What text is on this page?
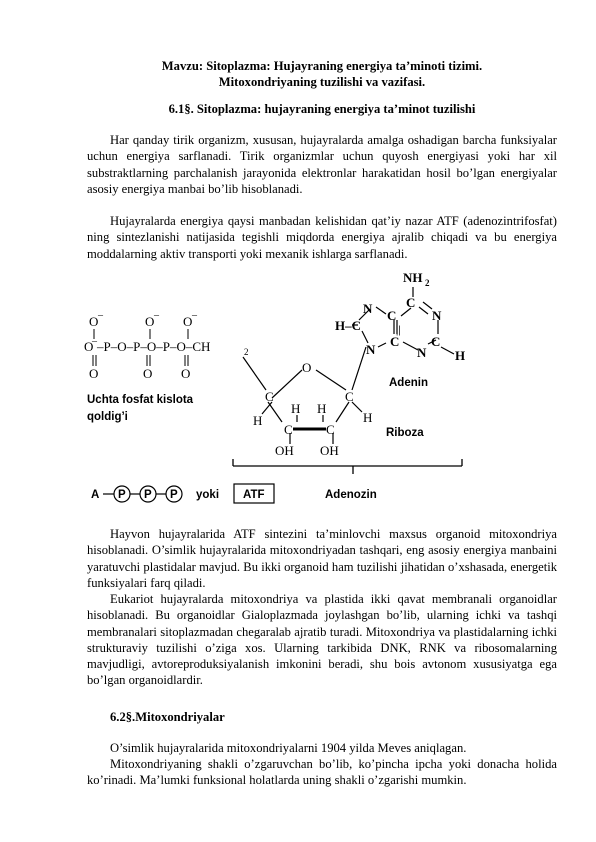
Mavzu: Sitoplazma: Hujayraning energiya ta’minoti tizimi.

Mitoxondriyaning tuzilishi va vazifasi.

6.1§. Sitoplazma: hujayraning energiya ta’minot tuzilishi

Har qanday tirik organizm, xususan, hujayralarda amalga oshadigan barcha funksiyalar uchun energiya sarflanadi. Tirik organizmlar uchun quyosh energiyasi yoki har xil substraktlarning parchalanish jarayonida elektronlar harakatidan hosil bo’lgan energiyalar asosiy energiya manbai bo’lib hisoblanadi.

Hujayralarda energiya qaysi manbadan kelishidan qat’iy nazar ATF (adenozintrifosfat) ning sintezlanishi natijasida tegishli miqdorda energiya ajralib chiqadi va bu energiya moddalarning aktiv transporti yoki mexanik ishlarga sarflanadi.

Hayvon hujayralarida ATF sintezini ta’minlovchi maxsus organoid mitoxondriya hisoblanadi. O’simlik hujayralarida mitoxondriyadan tashqari, eng asosiy energiya manbaini yaratuvchi plastidalar mavjud. Bu ikki organoid ham tuzilishi jihatidan o’xshasada, energetik funksiyalari farq qiladi.

Eukariot hujayralarda mitoxondriya va plastida ikki qavat membranali organoidlar hisoblanadi. Bu organoidlar Gialoplazmada joylashgan bo’lib, ularning ichki va tashqi membranalari sitoplazmadan chegaralab ajratib turadi. Mitoxondriya va plastidalarning ichki strukturaviy tuzilishi o’ziga xos. Ularning tarkibida DNK, RNK va ribosomalarning mavjudligi, avtoreproduksiyalanish imkonini beradi, shu bois avtonom xususiyatga ega bo’lgan organoidlardir.

6.2§.Mitoxondriyalar

O’simlik hujayralarida mitoxondriyalarni 1904 yilda Meves aniqlagan.

Mitoxondriyaning shakli o’zgaruvchan bo’lib, ko’pincha ipcha yoki donacha holida ko’rinadi. Ma’lumki funksional holatlarda uning shakli o’zgarishi mumkin.

O
_
O
_
O
_
O
_
–P–O–P–O–P–O–CH	2
O	O O
Uchta fosfat kislota
qoldig’i
O
C	C
C	C
H	H
H H
OH OH
Riboza
NH 2
C
N
H–C
C	N
N
C C
N H
||
Adenin
A P P P yoki ATF	Adenozin
